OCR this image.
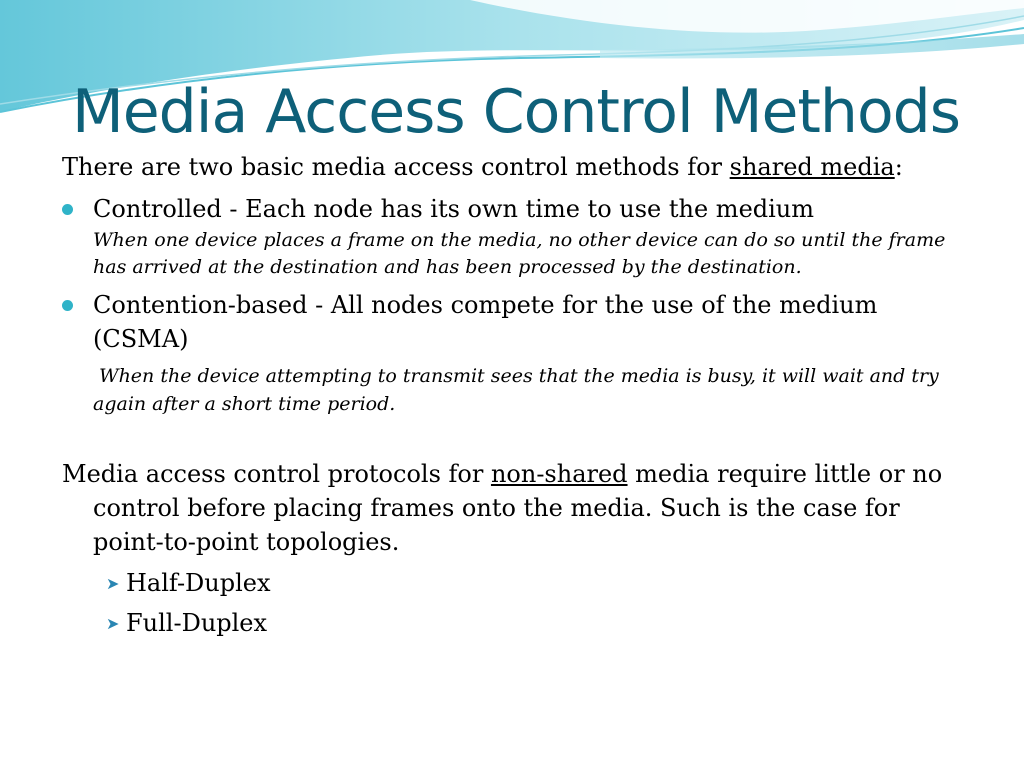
Media Access Control Methods
There are two basic media access control methods for shared media:
Controlled - Each node has its own time to use the medium
When one device places a frame on the media, no other device can do so until the frame
has arrived at the destination and has been processed by the destination.
Contention-based - All nodes compete for the use of the medium
(CSMA)
When the device attempting to transmit sees that the media is busy, it will wait and try
again after a short time period.
Media access control protocols for non-shared media require little or no
control before placing frames onto the media. Such is the case for
point-to-point topologies.
➤ Half-Duplex
➤ Full-Duplex
